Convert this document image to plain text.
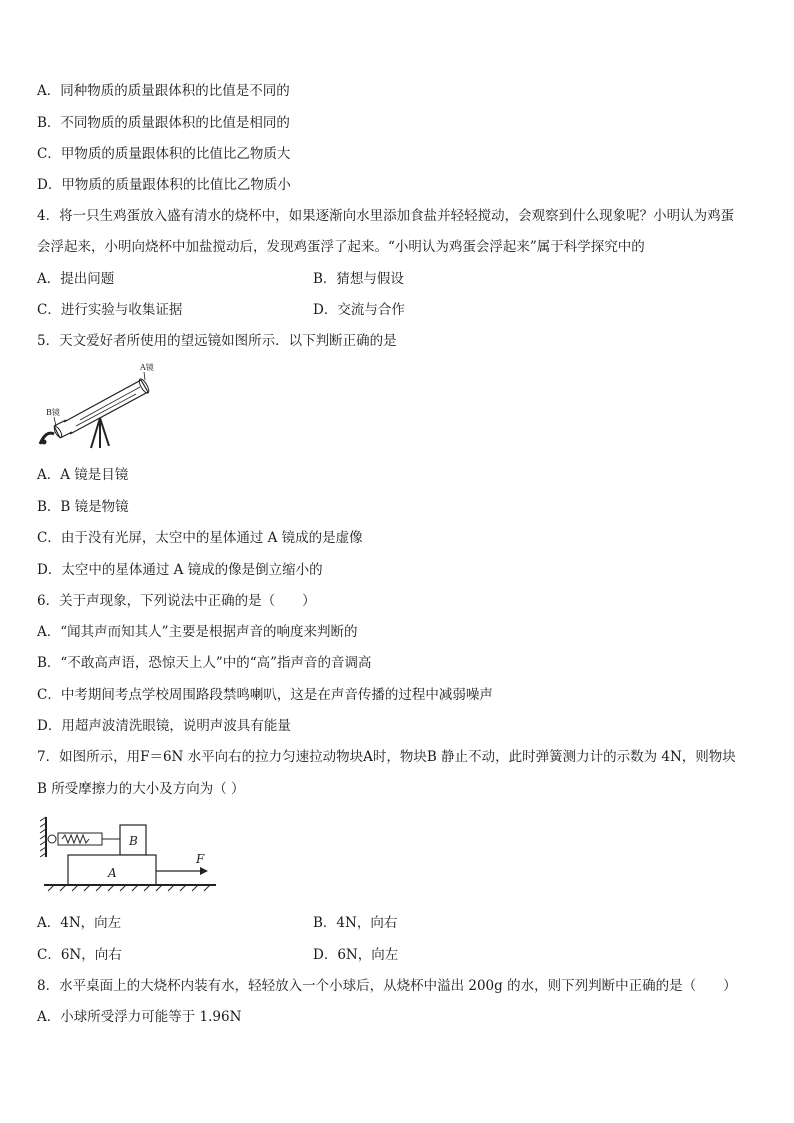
A．同种物质的质量跟体积的比值是不同的
B．不同物质的质量跟体积的比值是相同的
C．甲物质的质量跟体积的比值比乙物质大
D．甲物质的质量跟体积的比值比乙物质小
4．将一只生鸡蛋放入盛有清水的烧杯中，如果逐渐向水里添加食盐并轻轻搅动，会观察到什么现象呢？小明认为鸡蛋
会浮起来，小明向烧杯中加盐搅动后，发现鸡蛋浮了起来。“小明认为鸡蛋会浮起来”属于科学探究中的
A．提出问题	B．猜想与假设
C．进行实验与收集证据	D．交流与合作
5．天文爱好者所使用的望远镜如图所示．以下判断正确的是
A镜
B镜
A．A 镜是目镜
B．B 镜是物镜
C．由于没有光屏，太空中的星体通过 A 镜成的是虚像
D．太空中的星体通过 A 镜成的像是倒立缩小的
6．关于声现象，下列说法中正确的是（　　）
A．“闻其声而知其人”主要是根据声音的响度来判断的
B．“不敢高声语，恐惊天上人”中的“高”指声音的音调高
C．中考期间考点学校周围路段禁鸣喇叭，这是在声音传播的过程中减弱噪声
D．用超声波清洗眼镜，说明声波具有能量
7．如图所示，用F＝6N 水平向右的拉力匀速拉动物块A时，物块B 静止不动，此时弹簧测力计的示数为 4N，则物块
B 所受摩擦力的大小及方向为（ ）
B
A
F
A．4N，向左	B．4N，向右
C．6N，向右	D．6N，向左
8．水平桌面上的大烧杯内装有水，轻轻放入一个小球后，从烧杯中溢出 200g 的水，则下列判断中正确的是（　　）
A．小球所受浮力可能等于 1.96N
